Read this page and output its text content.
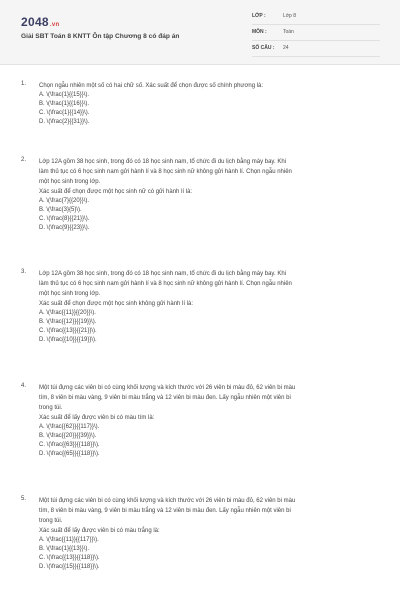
2048.vn
Giải SBT Toán 8 KNTT Ôn tập Chương 8 có đáp án
LỚP :	Lớp 8
MÔN :	Toán
SỐ CÂU : 24
1. Chọn ngẫu nhiên một số có hai chữ số. Xác suất để chọn được số chính phương là:

A. \(\frac{1}{{15}}\).

B. \(\frac{1}{{16}}\).

C. \(\frac{1}{{14}}\).

D. \(\frac{2}{{31}}\).

2. Lớp 12A gồm 38 học sinh, trong đó có 18 học sinh nam, tổ chức đi du lịch bằng máy bay. Khi

làm thủ tục có 6 học sinh nam gửi hành lí và 8 học sinh nữ không gửi hành lí. Chọn ngẫu nhiên

một học sinh trong lớp.

Xác suất để chọn được một học sinh nữ có gửi hành lí là:

A. \(\frac{7}{{20}}\).

B. \(\frac{3}{5}\).

C. \(\frac{8}{{21}}\).

D. \(\frac{9}{{23}}\).

3. Lớp 12A gồm 38 học sinh, trong đó có 18 học sinh nam, tổ chức đi du lịch bằng máy bay. Khi

làm thủ tục có 6 học sinh nam gửi hành lí và 8 học sinh nữ không gửi hành lí. Chọn ngẫu nhiên

một học sinh trong lớp.

Xác suất để chọn được một học sinh không gửi hành lí là:

A. \(\frac{{11}}{{20}}\).

B. \(\frac{{12}}{{19}}\).

C. \(\frac{{13}}{{21}}\).

D. \(\frac{{10}}{{19}}\).

4. Một túi đựng các viên bi có cùng khối lượng và kích thước với 26 viên bi màu đỏ, 62 viên bi màu

tím, 8 viên bi màu vàng, 9 viên bi màu trắng và 12 viên bi màu đen. Lấy ngẫu nhiên một viên bi

trong túi.

Xác suất để lấy được viên bi có màu tím là:

A. \(\frac{{62}}{{117}}\).

B. \(\frac{{20}}{{39}}\).

C. \(\frac{{63}}{{118}}\).

D. \(\frac{{65}}{{118}}\).

5. Một túi đựng các viên bi có cùng khối lượng và kích thước với 26 viên bi màu đỏ, 62 viên bi màu

tím, 8 viên bi màu vàng, 9 viên bi màu trắng và 12 viên bi màu đen. Lấy ngẫu nhiên một viên bi

trong túi.

Xác suất để lấy được viên bi có màu trắng là:

A. \(\frac{{11}}{{117}}\).

B. \(\frac{1}{{13}}\).

C. \(\frac{{13}}{{118}}\).

D. \(\frac{{15}}{{118}}\).
